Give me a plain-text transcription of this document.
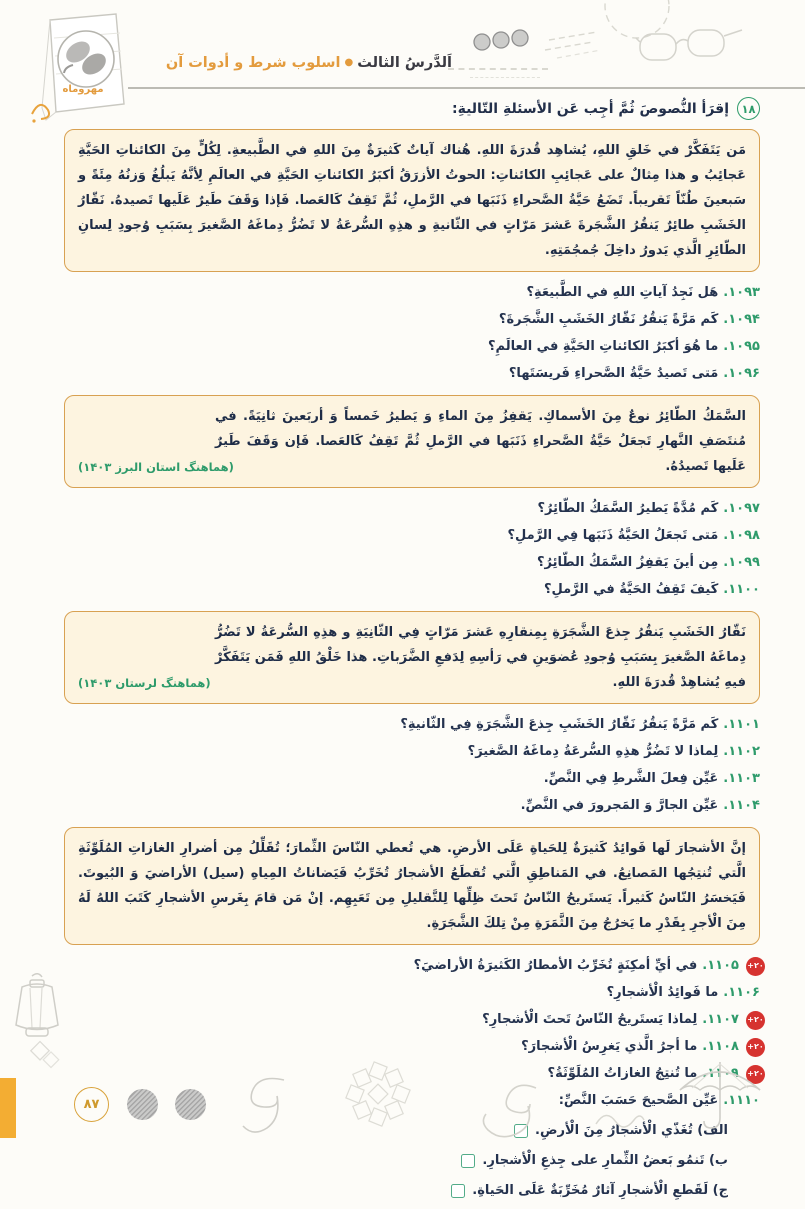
مهروماه
اَلدَّرسُ الثالث●اسلوب شرط و أدوات آن
۱۸
إقرَأ النُّصوصَ ثُمَّ أجِب عَن الأسئلةِ التّاليةِ:
مَن يَتَفَكَّرْ في خَلقِ اللهِ، يُشاهِد قُدرَةَ اللهِ. هُناك آياتٌ كَثيرَةٌ مِنَ اللهِ في الطَّبيعةِ. لِكُلٍّ مِنَ الكائناتِ الحَيَّةِ عَجائِبُ و هذا مِثالٌ علی عَجائِبِ الكائناتِ: الحوتُ الأزرَقُ أكبَرُ الكائناتِ الحَيَّةِ في العالَمِ لِأنَّهُ يَبلُغُ وَزنُهُ مِئَةً و سَبعينَ طُنّاً تَقريباً. تَضَعُ حَيَّةُ الصَّحراءِ ذَنَبَها في الرَّملِ، ثُمَّ تَقِفُ كَالعَصا. فَإذا وَقَفَ طَيرٌ عَلَيها تَصيدهُ. نَقّارُ الخَشَبِ طائِرٌ يَنقُرُ الشَّجَرةَ عَشرَ مَرّاتٍ في الثّانيةِ و هذِهِ السُّرعَةُ لا تَضُرُّ دِماغَهُ الصَّغيرَ بِسَبَبِ وُجودِ لِسانِ الطّائِرِ الَّذي يَدورُ داخِلَ جُمجُمَتِهِ.
۱۰۹۳.
هَل نَجِدُ آياتِ اللهِ في الطَّبيعَةِ؟
۱۰۹۴.
كَم مَرَّةً يَنقُرُ نَقّارُ الخَشَبِ الشَّجَرةَ؟
۱۰۹۵.
ما هُوَ أكبَرُ الكائناتِ الحَيَّةِ في العالَمِ؟
۱۰۹۶.
مَتی تَصيدُ حَيَّةُ الصَّحراءِ فَريسَتَها؟
السَّمَكُ الطّائِرُ نوعٌ مِنَ الأسماكِ. يَقفِزُ مِنَ الماءِ وَ يَطيرُ خَمساً وَ أربَعينَ ثانِيَةً. في مُنتَصَفِ النَّهارِ تَجعَلُ حَيَّةُ الصَّحراءِ ذَنَبَها في الرَّملِ ثُمَّ تَقِفُ كَالعَصا. فَإن وَقَفَ طَيرٌ عَلَيها تَصيدُهُ.
(هماهنگ استان البرز ۱۴۰۳)
۱۰۹۷.
كَم مُدَّةً يَطيرُ السَّمَكُ الطّائِرُ؟
۱۰۹۸.
مَتی تَجعَلُ الحَيَّةُ ذَنَبَها فِي الرَّملِ؟
۱۰۹۹.
مِن أينَ يَقفِزُ السَّمَكُ الطّائِرُ؟
۱۱۰۰.
كَيفَ تَقِفُ الحَيَّةُ في الرَّملِ؟
نَقّارُ الخَشَبِ يَنقُرُ جِذعَ الشَّجَرَةِ بِمِنقارِهِ عَشرَ مَرّاتٍ فِي الثّانِيَةِ و هذِهِ السُّرعَةُ لا تَضُرُّ دِماغَهُ الصَّغيرَ بِسَبَبِ وُجودِ عُضوَينِ في رَأسِهِ لِدَفعِ الضَّرَباتِ. هذا خَلْقُ اللهِ فَمَن يَتَفَكَّرْ فيهِ يُشاهِدْ قُدرَةَ اللهِ.
(هماهنگ لرستان ۱۴۰۳)
۱۱۰۱.
كَم مَرَّةً يَنقُرُ نَقّارُ الخَشَبِ جِذعَ الشَّجَرَةِ فِي الثّانيةِ؟
۱۱۰۲.
لِماذا لا تَضُرُّ هذِهِ السُّرعَةُ دِماغَهُ الصَّغيرَ؟
۱۱۰۳.
عَيِّن فِعلَ الشَّرطِ فِي النَّصِّ.
۱۱۰۴.
عَيِّن الجارَّ وَ المَجرورَ في النَّصِّ.
إنَّ الأشجارَ لَها فَوائِدُ كَثيرَةٌ لِلحَياةِ عَلَی الأرضِ. هي تُعطي النّاسَ الثِّمارَ؛ تُقَلِّلُ مِن أضرارِ الغازاتِ المُلَوِّثَةِ الَّتي تُنتِجُها المَصانِعُ. في المَناطِقِ الَّتي تُقطَعُ الأشجارُ تُخَرِّبُ فَيَضاناتُ المِياهِ (سيل) الأراضيَ وَ البُيوتَ. فَيَخسَرُ النّاسُ كَثيراً. يَستَريحُ النّاسُ تَحتَ ظِلِّها لِلتَّقليلِ مِن تَعَبِهِم. إنْ مَن قامَ بِغَرسِ الأشجارِ كَتَبَ اللهُ لَهُ مِنَ الْأجرِ بِقَدْرِ ما يَخرُجُ مِنَ الثَّمَرَةِ مِنْ تِلكَ الشَّجَرَةِ.
+۲۰
۱۱۰۵.
في أيِّ أمكِنَةٍ تُخَرِّبُ الأمطارُ الكَثيرَةُ الأراضيَ؟
۱۱۰۶.
ما فَوائِدُ الْأشجارِ؟
+۲۰
۱۱۰۷.
لِماذا يَستَريحُ النّاسُ تَحتَ الْأشجارِ؟
+۲۰
۱۱۰۸.
ما أجرُ الَّذي يَغرِسُ الْأشجارَ؟
+۲۰
۱۱۰۹.
ما تُنتِجُ الغازاتُ المُلَوِّثَةُ؟
۱۱۱۰.
عَيِّن الصَّحيحَ حَسَبَ النَّصِّ:
الف) تُغَذّي الْأشجارُ مِنَ الْأرضِ.
ب) تَنمُو بَعضُ الثِّمارِ علی جِذعِ الْأشجارِ.
ج) لَقَطعِ الْأشجارِ آثارٌ مُخَرِّبَةٌ عَلَی الحَياةِ.
۸۷
